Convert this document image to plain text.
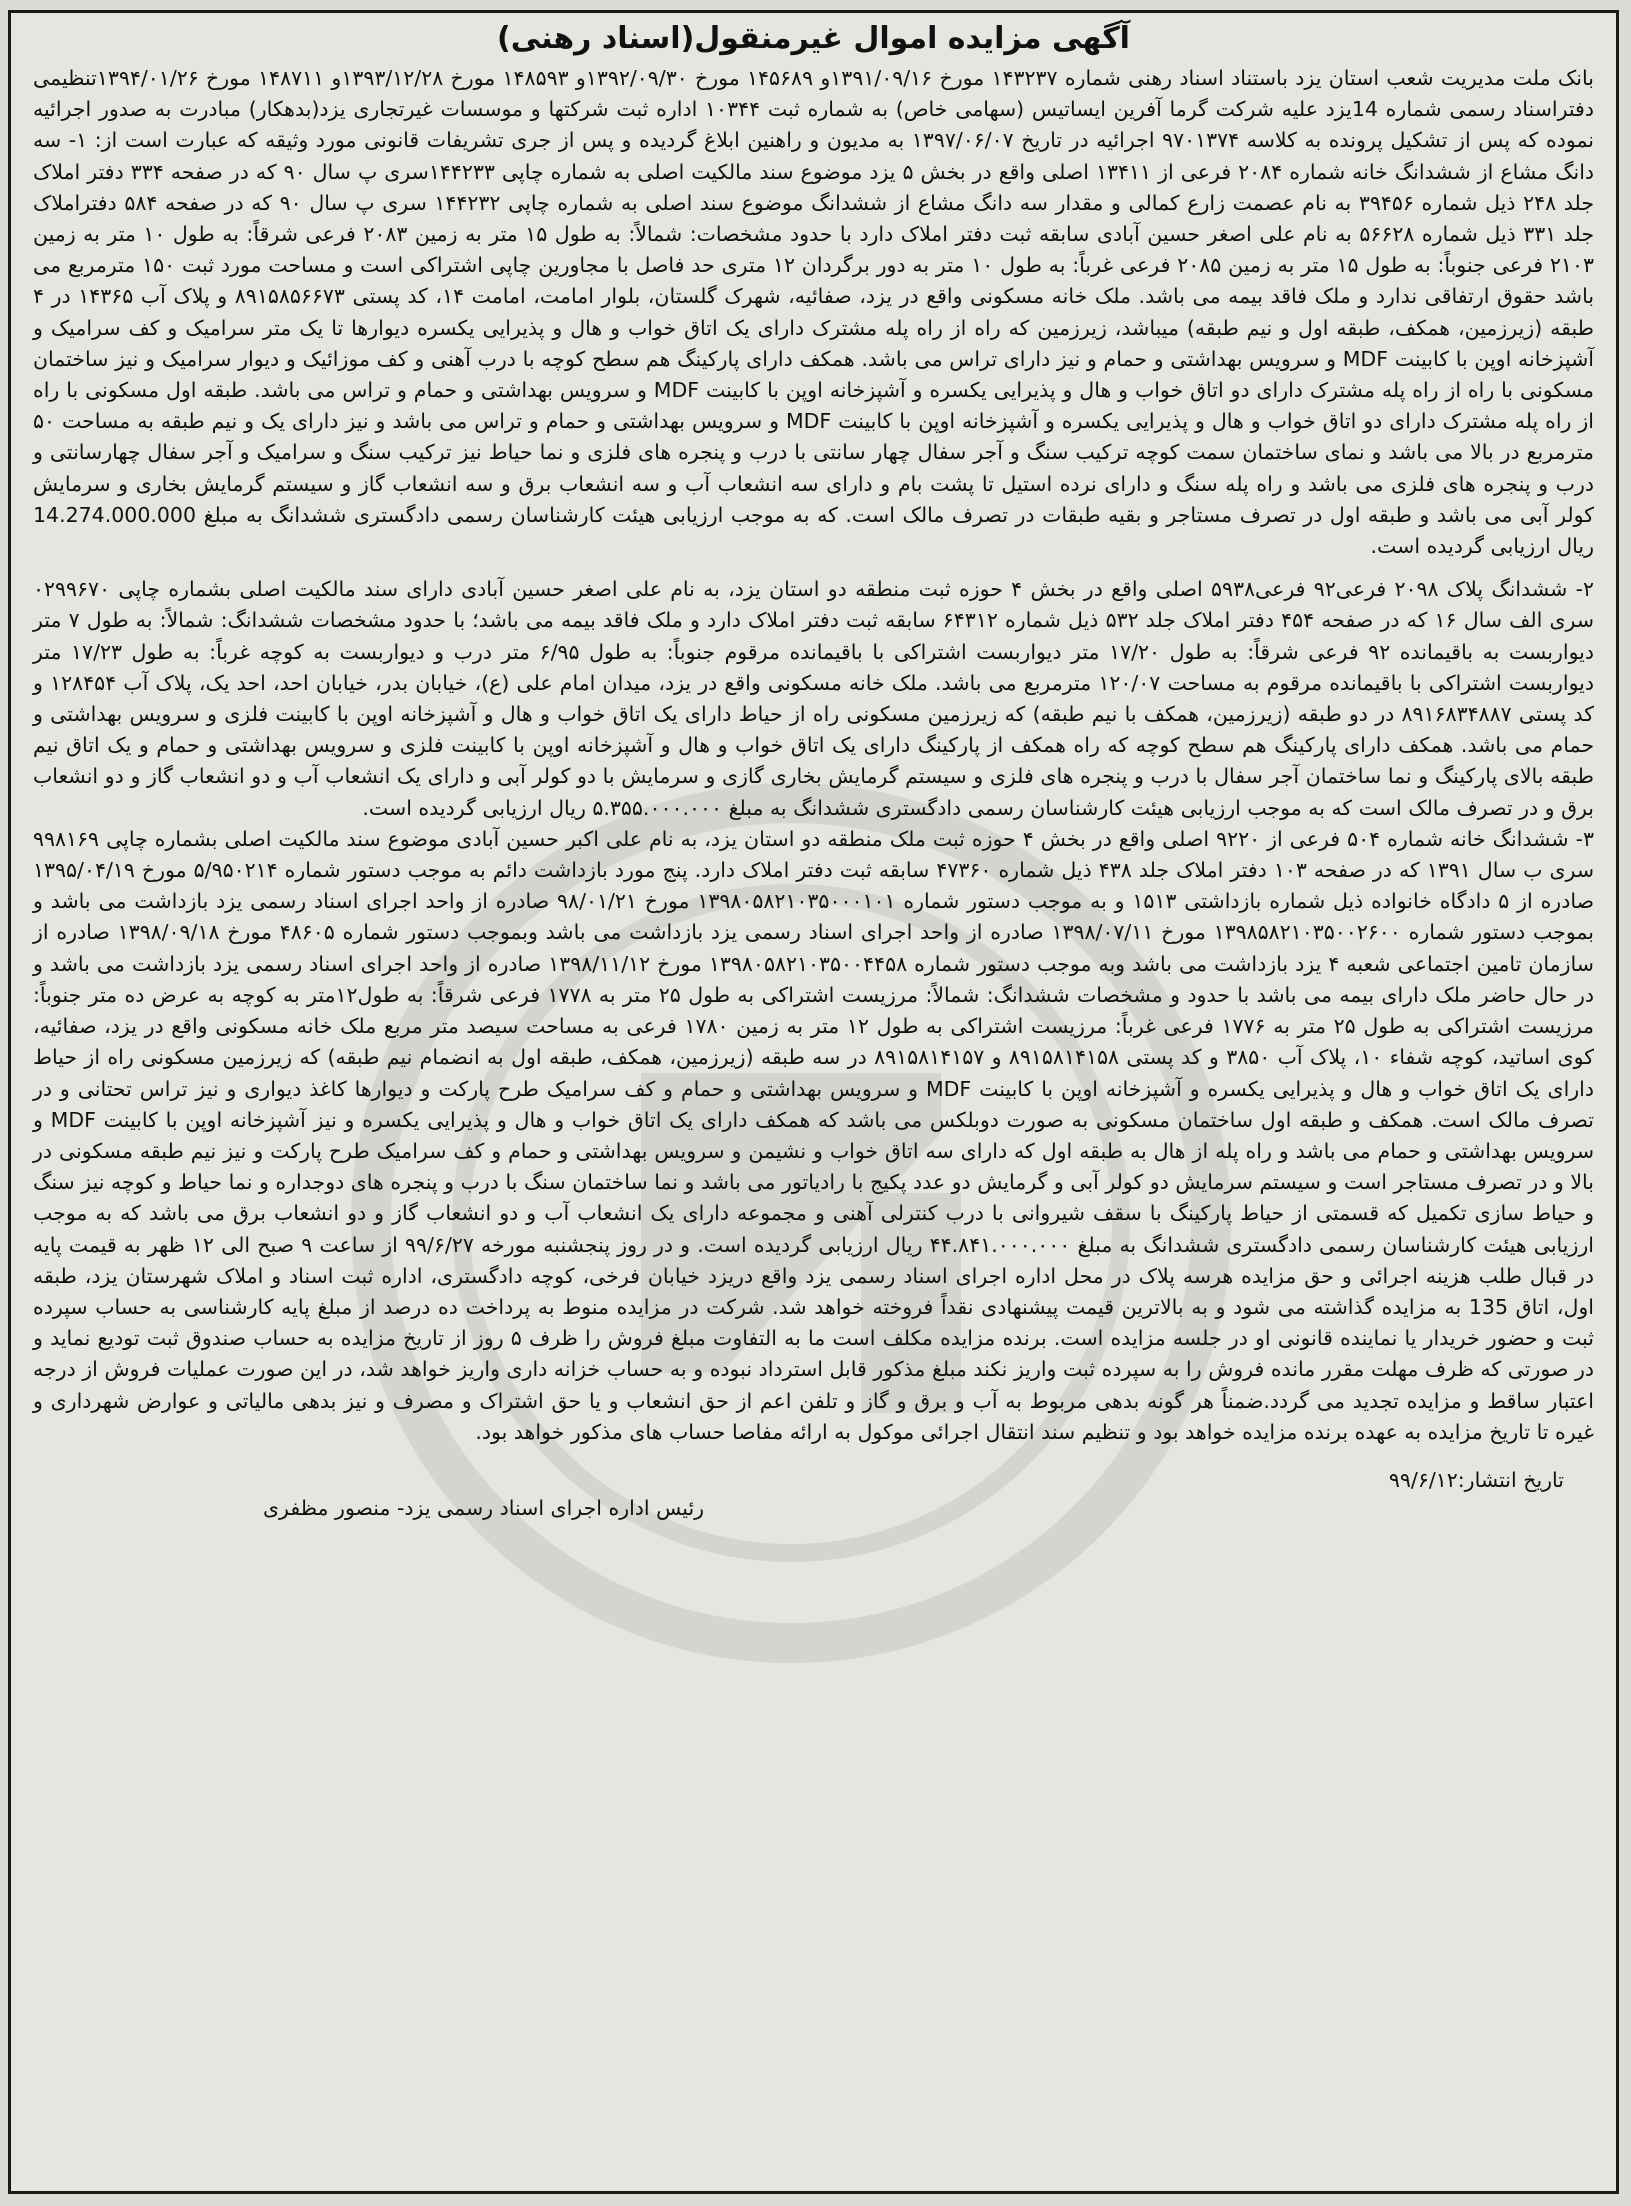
آگهی مزایده اموال غیرمنقول(اسناد رهنی)

بانک ملت مدیریت شعب استان یزد باستناد اسناد رهنی شماره ۱۴۳۲۳۷ مورخ ۱۳۹۱/۰۹/۱۶و ۱۴۵۶۸۹ مورخ ۱۳۹۲/۰۹/۳۰و ۱۴۸۵۹۳ مورخ ۱۳۹۳/۱۲/۲۸و ۱۴۸۷۱۱ مورخ ۱۳۹۴/۰۱/۲۶تنظیمی دفتراسناد رسمی شماره 14یزد علیه شرکت گرما آفرین ایساتیس (سهامی خاص) به شماره ثبت ۱۰۳۴۴ اداره ثبت شرکتها و موسسات غیرتجاری یزد(بدهکار) مبادرت به صدور اجرائیه نموده که پس از تشکیل پرونده به کلاسه ۹۷۰۱۳۷۴ اجرائیه در تاریخ ۱۳۹۷/۰۶/۰۷ به مدیون و راهنین ابلاغ گردیده و پس از جری تشریفات قانونی مورد وثیقه که عبارت است از: ۱- سه دانگ مشاع از ششدانگ خانه شماره ۲۰۸۴ فرعی از ۱۳۴۱۱ اصلی واقع در بخش ۵ یزد موضوع سند مالکیت اصلی به شماره چاپی ۱۴۴۲۳۳سری پ سال ۹۰ که در صفحه ۳۳۴ دفتر املاک جلد ۲۴۸ ذیل شماره ۳۹۴۵۶ به نام عصمت زارع کمالی و مقدار سه دانگ مشاع از ششدانگ موضوع سند اصلی به شماره چاپی ۱۴۴۲۳۲ سری پ سال ۹۰ که در صفحه ۵۸۴ دفتراملاک جلد ۳۳۱ ذیل شماره ۵۶۶۲۸ به نام علی اصغر حسین آبادی سابقه ثبت دفتر املاک دارد با حدود مشخصات: شمالاً: به طول ۱۵ متر به زمین ۲۰۸۳ فرعی شرقاً: به طول ۱۰ متر به زمین ۲۱۰۳ فرعی جنوباً: به طول ۱۵ متر به زمین ۲۰۸۵ فرعی غرباً: به طول ۱۰ متر به دور برگردان ۱۲ متری حد فاصل با مجاورین چاپی اشتراکی است و مساحت مورد ثبت ۱۵۰ مترمربع می باشد حقوق ارتفاقی ندارد و ملک فاقد بیمه می باشد. ملک خانه مسکونی واقع در یزد، صفائیه، شهرک گلستان، بلوار امامت، امامت ۱۴، کد پستی ۸۹۱۵۸۵۶۶۷۳ و پلاک آب ۱۴۳۶۵ در ۴ طبقه (زیرزمین، همکف، طبقه اول و نیم طبقه) میباشد، زیرزمین که راه از راه پله مشترک دارای یک اتاق خواب و هال و پذیرایی یکسره دیوارها تا یک متر سرامیک و کف سرامیک و آشپزخانه اوپن با کابینت MDF و سرویس بهداشتی و حمام و نیز دارای تراس می باشد. همکف دارای پارکینگ هم سطح کوچه با درب آهنی و کف موزائیک و دیوار سرامیک و نیز ساختمان مسکونی با راه از راه پله مشترک دارای دو اتاق خواب و هال و پذیرایی یکسره و آشپزخانه اوپن با کابینت MDF و سرویس بهداشتی و حمام و تراس می باشد. طبقه اول مسکونی با راه از راه پله مشترک دارای دو اتاق خواب و هال و پذیرایی یکسره و آشپزخانه اوپن با کابینت MDF و سرویس بهداشتی و حمام و تراس می باشد و نیز دارای یک و نیم طبقه به مساحت ۵۰ مترمربع در بالا می باشد و نمای ساختمان سمت کوچه ترکیب سنگ و آجر سفال چهار سانتی با درب و پنجره های فلزی و نما حیاط نیز ترکیب سنگ و سرامیک و آجر سفال چهارسانتی و درب و پنجره های فلزی می باشد و راه پله سنگ و دارای نرده استیل تا پشت بام و دارای سه انشعاب آب و سه انشعاب برق و سه انشعاب گاز و سیستم گرمایش بخاری و سرمایش کولر آبی می باشد و طبقه اول در تصرف مستاجر و بقیه طبقات در تصرف مالک است. که به موجب ارزیابی هیئت کارشناسان رسمی دادگستری ششدانگ به مبلغ 14.274.000.000 ریال ارزیابی گردیده است.

۲- ششدانگ پلاک ۲۰۹۸ فرعی۹۲ فرعی۵۹۳۸ اصلی واقع در بخش ۴ حوزه ثبت منطقه دو استان یزد، به نام علی اصغر حسین آبادی دارای سند مالکیت اصلی بشماره چاپی ۰۲۹۹۶۷۰ سری الف سال ۱۶ که در صفحه ۴۵۴ دفتر املاک جلد ۵۳۲ ذیل شماره ۶۴۳۱۲ سابقه ثبت دفتر املاک دارد و ملک فاقد بیمه می باشد؛ با حدود مشخصات ششدانگ: شمالاً: به طول ۷ متر دیواربست به باقیمانده ۹۲ فرعی شرقاً: به طول ۱۷/۲۰ متر دیواربست اشتراکی با باقیمانده مرقوم جنوباً: به طول ۶/۹۵ متر درب و دیواربست به کوچه غرباً: به طول ۱۷/۲۳ متر دیواربست اشتراکی با باقیمانده مرقوم به مساحت ۱۲۰/۰۷ مترمربع می باشد. ملک خانه مسکونی واقع در یزد، میدان امام علی (ع)، خیابان بدر، خیابان احد، احد یک، پلاک آب ۱۲۸۴۵۴ و کد پستی ۸۹۱۶۸۳۴۸۸۷ در دو طبقه (زیرزمین، همکف با نیم طبقه) که زیرزمین مسکونی راه از حیاط دارای یک اتاق خواب و هال و آشپزخانه اوپن با کابینت فلزی و سرویس بهداشتی و حمام می باشد. همکف دارای پارکینگ هم سطح کوچه که راه همکف از پارکینگ دارای یک اتاق خواب و هال و آشپزخانه اوپن با کابینت فلزی و سرویس بهداشتی و حمام و یک اتاق نیم طبقه بالای پارکینگ و نما ساختمان آجر سفال با درب و پنجره های فلزی و سیستم گرمایش بخاری گازی و سرمایش با دو کولر آبی و دارای یک انشعاب آب و دو انشعاب گاز و دو انشعاب برق و در تصرف مالک است که به موجب ارزیابی هیئت کارشناسان رسمی دادگستری ششدانگ به مبلغ ۵.۳۵۵.۰۰۰.۰۰۰ ریال ارزیابی گردیده است.

۳- ششدانگ خانه شماره ۵۰۴ فرعی از ۹۲۲۰ اصلی واقع در بخش ۴ حوزه ثبت ملک منطقه دو استان یزد، به نام علی اکبر حسین آبادی موضوع سند مالکیت اصلی بشماره چاپی ۹۹۸۱۶۹ سری ب سال ۱۳۹۱ که در صفحه ۱۰۳ دفتر املاک جلد ۴۳۸ ذیل شماره ۴۷۳۶۰ سابقه ثبت دفتر املاک دارد. پنج مورد بازداشت دائم به موجب دستور شماره ۵/۹۵۰۲۱۴ مورخ ۱۳۹۵/۰۴/۱۹ صادره از ۵ دادگاه خانواده ذیل شماره بازداشتی ۱۵۱۳ و به موجب دستور شماره ۱۳۹۸۰۵۸۲۱۰۳۵۰۰۰۱۰۱ مورخ ۹۸/۰۱/۲۱ صادره از واحد اجرای اسناد رسمی یزد بازداشت می باشد و بموجب دستور شماره ۱۳۹۸۵۸۲۱۰۳۵۰۰۲۶۰۰ مورخ ۱۳۹۸/۰۷/۱۱ صادره از واحد اجرای اسناد رسمی یزد بازداشت می باشد وبموجب دستور شماره ۴۸۶۰۵ مورخ ۱۳۹۸/۰۹/۱۸ صادره از سازمان تامین اجتماعی شعبه ۴ یزد بازداشت می باشد وبه موجب دستور شماره ۱۳۹۸۰۵۸۲۱۰۳۵۰۰۴۴۵۸ مورخ ۱۳۹۸/۱۱/۱۲ صادره از واحد اجرای اسناد رسمی یزد بازداشت می باشد و در حال حاضر ملک دارای بیمه می باشد با حدود و مشخصات ششدانگ: شمالاً: مرزیست اشتراکی به طول ۲۵ متر به ۱۷۷۸ فرعی شرقاً: به طول۱۲متر به کوچه به عرض ده متر جنوباً: مرزیست اشتراکی به طول ۲۵ متر به ۱۷۷۶ فرعی غرباً: مرزیست اشتراکی به طول ۱۲ متر به زمین ۱۷۸۰ فرعی به مساحت سیصد متر مربع ملک خانه مسکونی واقع در یزد، صفائیه، کوی اساتید، کوچه شفاء ۱۰، پلاک آب ۳۸۵۰ و کد پستی ۸۹۱۵۸۱۴۱۵۸ و ۸۹۱۵۸۱۴۱۵۷ در سه طبقه (زیرزمین، همکف، طبقه اول به انضمام نیم طبقه) که زیرزمین مسکونی راه از حیاط دارای یک اتاق خواب و هال و پذیرایی یکسره و آشپزخانه اوپن با کابینت MDF و سرویس بهداشتی و حمام و کف سرامیک طرح پارکت و دیوارها کاغذ دیواری و نیز تراس تحتانی و در تصرف مالک است. همکف و طبقه اول ساختمان مسکونی به صورت دوبلکس می باشد که همکف دارای یک اتاق خواب و هال و پذیرایی یکسره و نیز آشپزخانه اوپن با کابینت MDF و سرویس بهداشتی و حمام می باشد و راه پله از هال به طبقه اول که دارای سه اتاق خواب و نشیمن و سرویس بهداشتی و حمام و کف سرامیک طرح پارکت و نیز نیم طبقه مسکونی در بالا و در تصرف مستاجر است و سیستم سرمایش دو کولر آبی و گرمایش دو عدد پکیج با رادیاتور می باشد و نما ساختمان سنگ با درب و پنجره های دوجداره و نما حیاط و کوچه نیز سنگ و حیاط سازی تکمیل که قسمتی از حیاط پارکینگ با سقف شیروانی با درب کنترلی آهنی و مجموعه دارای یک انشعاب آب و دو انشعاب گاز و دو انشعاب برق می باشد که به موجب ارزیابی هیئت کارشناسان رسمی دادگستری ششدانگ به مبلغ ۴۴.۸۴۱.۰۰۰.۰۰۰ ریال ارزیابی گردیده است. و در روز پنجشنبه مورخه ۹۹/۶/۲۷ از ساعت ۹ صبح الی ۱۲ ظهر به قیمت پایه در قبال طلب هزینه اجرائی و حق مزایده هرسه پلاک در محل اداره اجرای اسناد رسمی یزد واقع دریزد خیابان فرخی، کوچه دادگستری، اداره ثبت اسناد و املاک شهرستان یزد، طبقه اول، اتاق 135 به مزایده گذاشته می شود و به بالاترین قیمت پیشنهادی نقداً فروخته خواهد شد. شرکت در مزایده منوط به پرداخت ده درصد از مبلغ پایه کارشناسی به حساب سپرده ثبت و حضور خریدار یا نماینده قانونی او در جلسه مزایده است. برنده مزایده مکلف است ما به التفاوت مبلغ فروش را ظرف ۵ روز از تاریخ مزایده به حساب صندوق ثبت تودیع نماید و در صورتی که ظرف مهلت مقرر مانده فروش را به سپرده ثبت واریز نکند مبلغ مذکور قابل استرداد نبوده و به حساب خزانه داری واریز خواهد شد، در این صورت عملیات فروش از درجه اعتبار ساقط و مزایده تجدید می گردد.ضمناً هر گونه بدهی مربوط به آب و برق و گاز و تلفن اعم از حق انشعاب و یا حق اشتراک و مصرف و نیز بدهی مالیاتی و عوارض شهرداری و غیره تا تاریخ مزایده به عهده برنده مزایده خواهد بود و تنظیم سند انتقال اجرائی موکول به ارائه مفاصا حساب های مذکور خواهد بود.

تاریخ انتشار:۹۹/۶/۱۲
رئیس اداره اجرای اسناد رسمی یزد- منصور مظفری
